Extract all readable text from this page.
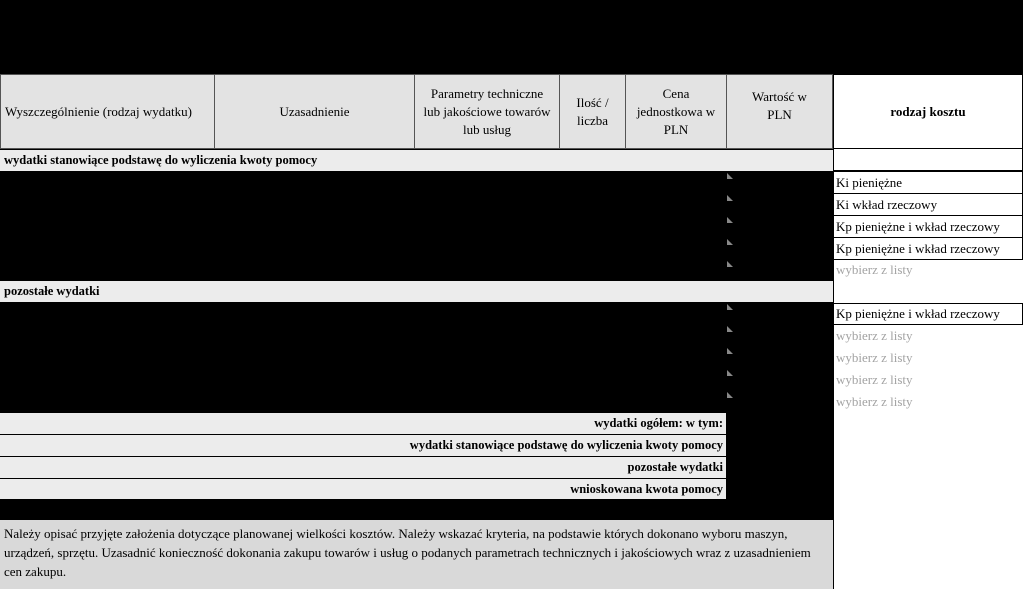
Wyszczególnienie (rodzaj wydatku)	Uzasadnienie
Parametry techniczne lub jakościowe towarów lub usług
Ilość / liczba
Cena jednostkowa w PLN
Wartość w PLN	rodzaj kosztu
wydatki stanowiące podstawę do wyliczenia kwoty pomocy
Ki pieniężne
Ki wkład rzeczowy
Kp pieniężne i wkład rzeczowy
Kp pieniężne i wkład rzeczowy
wybierz z listy
pozostałe wydatki
Kp pieniężne i wkład rzeczowy
wybierz z listy
wybierz z listy
wybierz z listy
wybierz z listy
wydatki ogółem: w tym:
wydatki stanowiące podstawę do wyliczenia kwoty pomocy
pozostałe wydatki
wnioskowana kwota pomocy
Należy opisać przyjęte założenia dotyczące planowanej wielkości kosztów. Należy wskazać kryteria, na podstawie których dokonano wyboru maszyn, urządzeń, sprzętu. Uzasadnić konieczność dokonania zakupu towarów i usług o podanych parametrach technicznych i jakościowych wraz z uzasadnieniem cen zakupu.
